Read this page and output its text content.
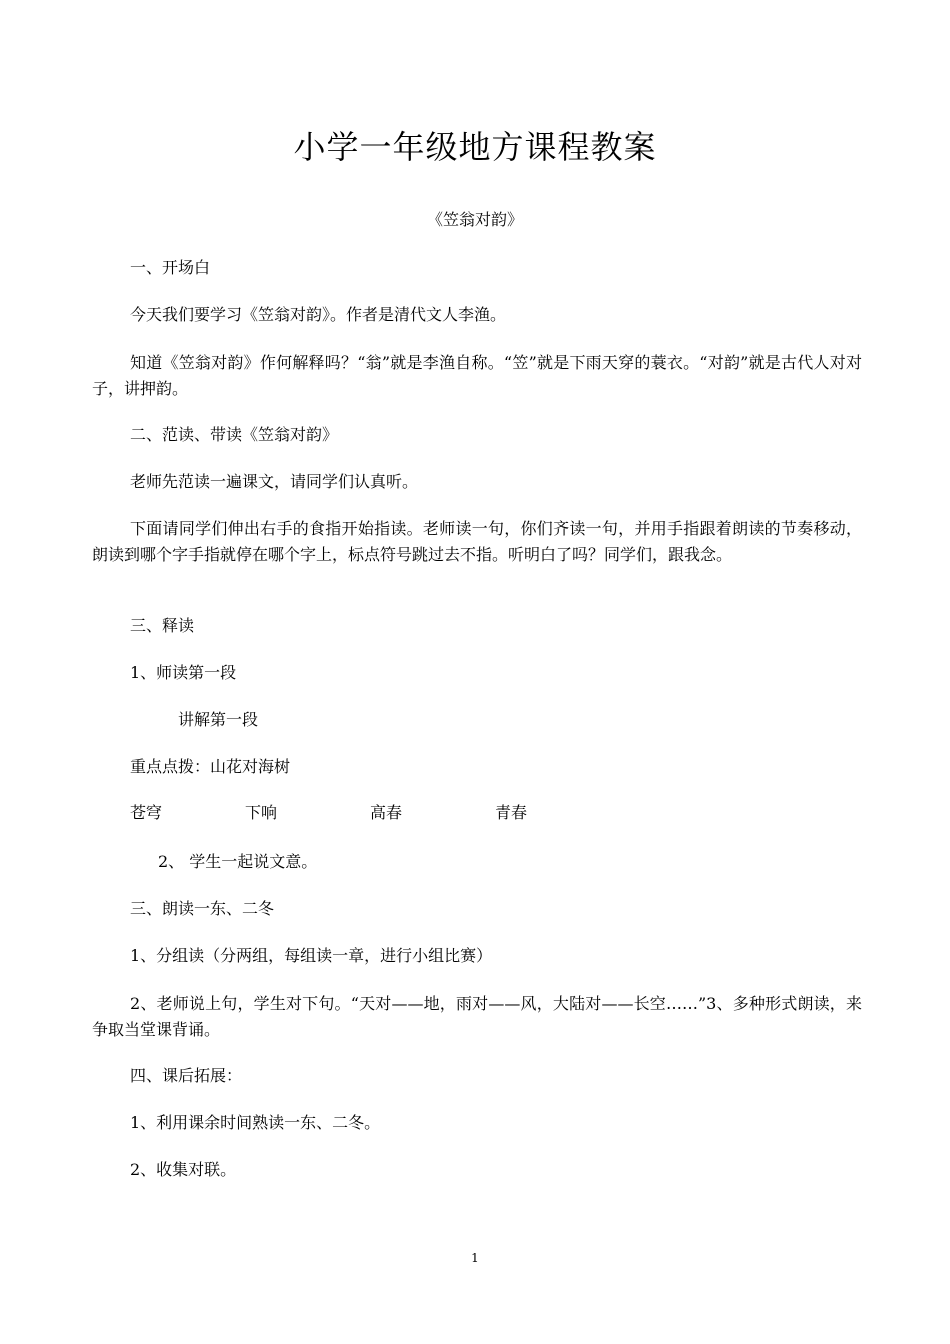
小学一年级地方课程教案
《笠翁对韵》
一、开场白
今天我们要学习《笠翁对韵》。作者是清代文人李渔。
知道《笠翁对韵》作何解释吗？“翁”就是李渔自称。“笠”就是下雨天穿的蓑衣。“对韵”就是古代人对对子，讲押韵。
二、范读、带读《笠翁对韵》
老师先范读一遍课文，请同学们认真听。
下面请同学们伸出右手的食指开始指读。老师读一句，你们齐读一句，并用手指跟着朗读的节奏移动，朗读到哪个字手指就停在哪个字上，标点符号跳过去不指。听明白了吗？同学们，跟我念。
三、释读
1、师读第一段
讲解第一段
重点点拨：山花对海树
苍穹	下响	高春	青春
2、 学生一起说文意。
三、朗读一东、二冬
1、分组读（分两组，每组读一章，进行小组比赛）
2、老师说上句，学生对下句。“天对——地，雨对——风，大陆对——长空……”3、多种形式朗读，来争取当堂课背诵。
四、课后拓展：
1、利用课余时间熟读一东、二冬。
2、收集对联。
1
